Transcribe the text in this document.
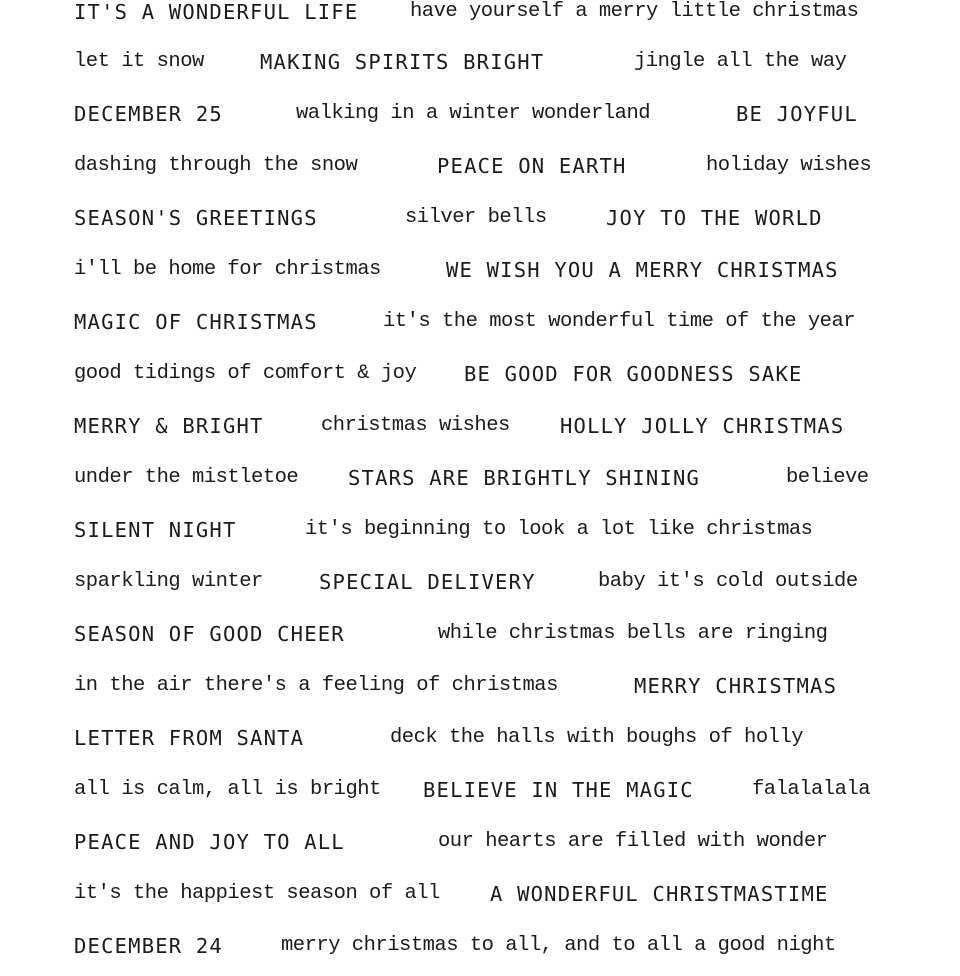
IT'S A WONDERFUL LIFE	have yourself a merry little christmas
let it snow	MAKING SPIRITS BRIGHT	jingle all the way
DECEMBER 25	walking in a winter wonderland	BE JOYFUL
dashing through the snow	PEACE ON EARTH	holiday wishes
SEASON'S GREETINGS	silver bells	JOY TO THE WORLD
i'll be home for christmas	WE WISH YOU A MERRY CHRISTMAS
MAGIC OF CHRISTMAS	it's the most wonderful time of the year
good tidings of comfort & joy BE GOOD FOR GOODNESS SAKE
MERRY & BRIGHT	christmas wishes HOLLY JOLLY CHRISTMAS
under the mistletoe STARS ARE BRIGHTLY SHINING	believe
SILENT NIGHT	it's beginning to look a lot like christmas
sparkling winter	SPECIAL DELIVERY	baby it's cold outside
SEASON OF GOOD CHEER	while christmas bells are ringing
in the air there's a feeling of christmas	MERRY CHRISTMAS
LETTER FROM SANTA	deck the halls with boughs of holly
all is calm, all is bright BELIEVE IN THE MAGIC	falalalala
PEACE AND JOY TO ALL	our hearts are filled with wonder
it's the happiest season of all A WONDERFUL CHRISTMASTIME
DECEMBER 24	merry christmas to all, and to all a good night
